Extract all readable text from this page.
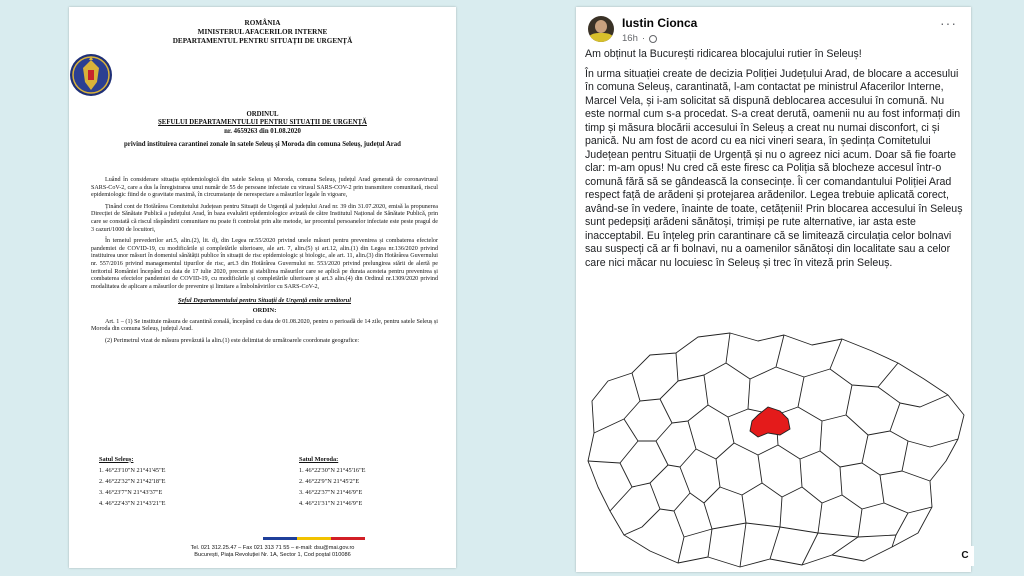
ROMÂNIA
MINISTERUL AFACERILOR INTERNE
DEPARTAMENTUL PENTRU SITUAȚII DE URGENȚĂ
ORDINUL
ȘEFULUI DEPARTAMENTULUI PENTRU SITUAȚII DE URGENȚĂ
nr. 4659263 din 01.08.2020
privind instituirea carantinei zonale în satele Seleuș și Moroda din comuna Seleuș, județul Arad

Luând în considerare situația epidemiologică din satele Seleuș și Moroda, comuna Seleuș, județul Arad generată de coronavirusul SARS-CoV-2, care a dus la înregistrarea unui număr de 55 de persoane infectate cu virusul SARS-COV-2 prin transmitere comunitară, riscul epidemiologic fiind de o gravitate maximă, în circumstanțe de nerespectare a măsurilor legale în vigoare,

Ținând cont de Hotărârea Comitetului Județean pentru Situații de Urgență al județului Arad nr. 39 din 31.07.2020, emisă la propunerea Direcției de Sănătate Publică a județului Arad, în baza evaluării epidemiologice avizată de către Institutul Național de Sănătate Publică, prin care se constată că riscul răspândirii comunitare nu poate fi controlat prin alte metode, iar procentul persoanelor infectate este peste pragul de 3 cazuri/1000 de locuitori,

În temeiul prevederilor art.5, alin.(2), lit. d), din Legea nr.55/2020 privind unele măsuri pentru prevenirea și combaterea efectelor pandemiei de COVID-19, cu modificările și completările ulterioare, ale art. 7, alin.(5) și art.12, alin.(1) din Legea nr.136/2020 privind instituirea unor măsuri în domeniul sănătății publice în situații de risc epidemiologic și biologic, ale art. 11, alin.(3) din Hotărârea Guvernului nr. 557/2016 privind managementul tipurilor de risc, art.3 din Hotărârea Guvernului nr. 553/2020 privind prelungirea stării de alertă pe teritoriul României începând cu data de 17 iulie 2020, precum și stabilirea măsurilor care se aplică pe durata acesteia pentru prevenirea și combaterea efectelor pandemiei de COVID-19, cu modificările și completările ulterioare și art.3 alin.(4) din Ordinul nr.1309/2020 privind modalitatea de aplicare a măsurilor de prevenire și limitare a îmbolnăvirilor cu SARS-CoV-2,

Șeful Departamentului pentru Situații de Urgență emite următorul
ORDIN:

Art. 1 – (1) Se instituie măsura de carantină zonală, începând cu data de 01.08.2020, pentru o perioadă de 14 zile, pentru satele Seleuș și Moroda din comuna Seleuș, județul Arad.

(2) Perimetrul vizat de măsura prevăzută la alin.(1) este delimitat de următoarele coordonate geografice:

Satul Seleuș:
1. 46°23'10"N 21°41'45"E
2. 46°22'32"N 21°42'18"E
3. 46°23'7"N 21°43'37"E
4. 46°22'43"N 21°43'21"E
Satul Moroda:
1. 46°22'30"N 21°45'16"E
2. 46°22'9"N 21°45'2"E
3. 46°22'37"N 21°46'9"E
4. 46°21'31"N 21°46'9"E
Tel. 021 312.25.47 – Fax 021 313 71 55 – e-mail: dsu@mai.gov.ro
București, Piața Revoluției Nr. 1A, Sector 1, Cod poștal 010086
Iustin Cionca
16h ·
···

Am obținut la București ridicarea blocajului rutier în Seleuș!

În urma situației create de decizia Poliției Județului Arad, de blocare a accesului în comuna Seleuș, carantinată, l-am contactat pe ministrul Afacerilor Interne, Marcel Vela, și i-am solicitat să dispună deblocarea accesului în comună. Nu este normal cum s-a procedat. S-a creat derută, oamenii nu au fost informați din timp și măsura blocării accesului în Seleuș a creat nu numai disconfort, ci și panică. Nu am fost de acord cu ea nici vineri seara, în ședința Comitetului Județean pentru Situații de Urgență și nu o agreez nici acum. Doar să fie foarte clar: m-am opus! Nu cred că este firesc ca Poliția să blocheze accesul într-o comună fără să se gândească la consecințe. Îi cer comandantului Poliției Arad respect față de arădeni și protejarea arădenilor. Legea trebuie aplicată corect, având-se în vedere, înainte de toate, cetățenii! Prin blocarea accesului în Seleuș sunt pedepsiți arădeni sănătoși, trimiși pe rute alternative, iar asta este inacceptabil. Eu înțeleg prin carantinare că se limitează circulația celor bolnavi sau suspecți că ar fi bolnavi, nu a oamenilor sănătoși din localitate sau a celor care nici măcar nu locuiesc în Seleuș și trec în viteză prin Seleuș.

C
